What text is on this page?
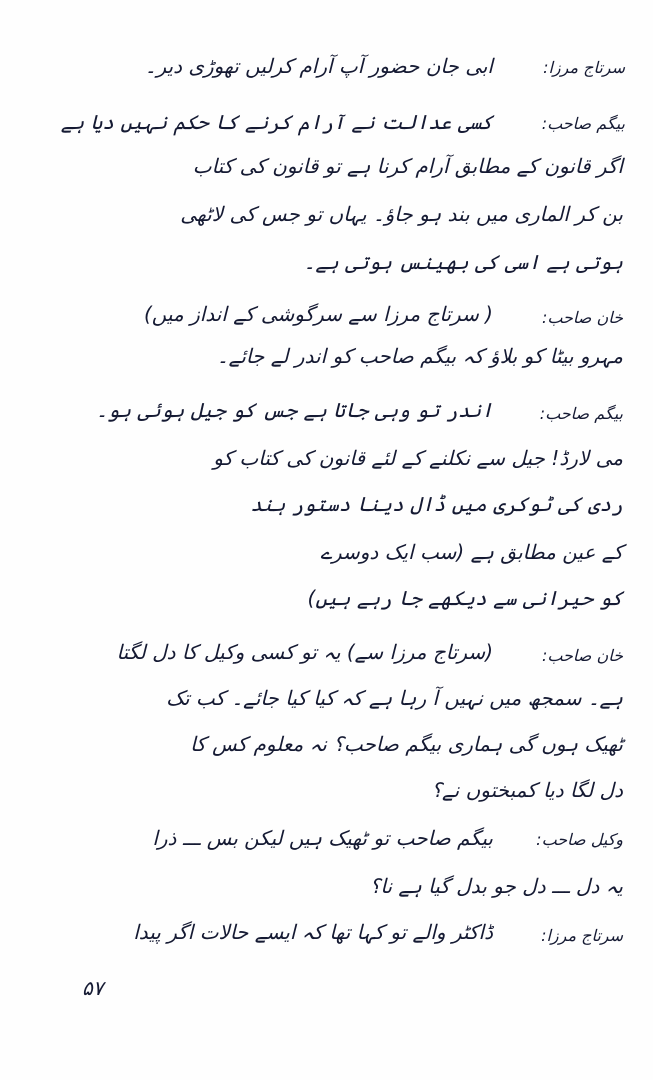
سرتاج مرزا:
ابی جان حضور آپ آرام کرلیں تھوڑی دیر۔
بیگم صاحب:
کسی عدالت نے آرام کرنے کا حکم نہیں دیا ہے
اگر قانون کے مطابق آرام کرنا ہے تو قانون کی کتاب
بن کر الماری میں بند ہو جاؤ۔ یہاں تو جس کی لاٹھی
ہوتی ہے اسی کی بھینس ہوتی ہے۔
خان صاحب:
( سرتاج مرزا سے سرگوشی کے انداز میں)
مہرو بیٹا کو بلاؤ کہ بیگم صاحب کو اندر لے جائے۔
بیگم صاحب:
اندر تو وہی جاتا ہے جس کو جیل ہوئی ہو۔
می لارڈ! جیل سے نکلنے کے لئے قانون کی کتاب کو
ردی کی ٹوکری میں ڈال دینا دستور ہند
کے عین مطابق ہے (سب ایک دوسرے
کو حیرانی سے دیکھے جا رہے ہیں)
خان صاحب:
(سرتاج مرزا سے) یہ تو کسی وکیل کا دل لگتا
ہے۔ سمجھ میں نہیں آ رہا ہے کہ کیا کیا جائے۔ کب تک
ٹھیک ہوں گی ہماری بیگم صاحب؟ نہ معلوم کس کا
دل لگا دیا کمبختوں نے؟
وکیل صاحب:
بیگم صاحب تو ٹھیک ہیں لیکن بس ـــ ذرا
یہ دل ـــ دل جو بدل گیا ہے نا؟
سرتاج مرزا:
ڈاکٹر والے تو کہا تھا کہ ایسے حالات اگر پیدا
۵۷
